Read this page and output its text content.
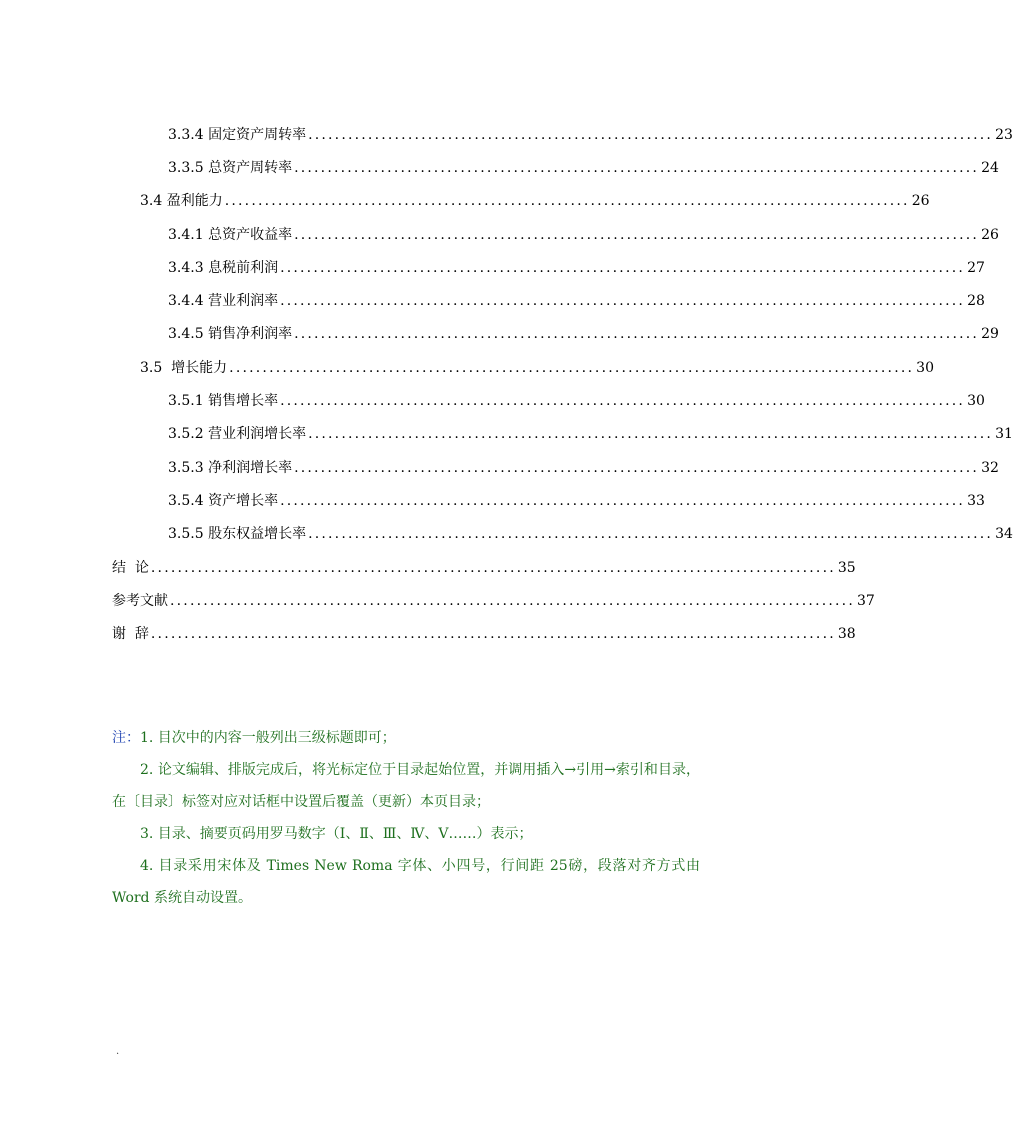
3.3.4 固定资产周转率 ....................................................................................................... 23
3.3.5 总资产周转率 ....................................................................................................... 24
3.4 盈利能力 ....................................................................................................... 26
3.4.1 总资产收益率 ....................................................................................................... 26
3.4.3 息税前利润 ....................................................................................................... 27
3.4.4 营业利润率 ....................................................................................................... 28
3.4.5 销售净利润率 ....................................................................................................... 29
3.5  增长能力 ....................................................................................................... 30
3.5.1 销售增长率 ....................................................................................................... 30
3.5.2 营业利润增长率 ....................................................................................................... 31
3.5.3 净利润增长率 ....................................................................................................... 32
3.5.4 资产增长率 ....................................................................................................... 33
3.5.5 股东权益增长率 ....................................................................................................... 34
结  论 ....................................................................................................... 35
参考文献 ....................................................................................................... 37
谢  辞 ....................................................................................................... 38

注：1. 目次中的内容一般列出三级标题即可；

2. 论文编辑、排版完成后，将光标定位于目录起始位置，并调用插入→引用→索引和目录，在〔目录〕标签对应对话框中设置后覆盖（更新）本页目录；

3. 目录、摘要页码用罗马数字（Ⅰ、Ⅱ、Ⅲ、Ⅳ、Ⅴ……）表示；

4. 目录采用宋体及 Times New Roma 字体、小四号，行间距 25磅，段落对齐方式由 Word 系统自动设置。

.
